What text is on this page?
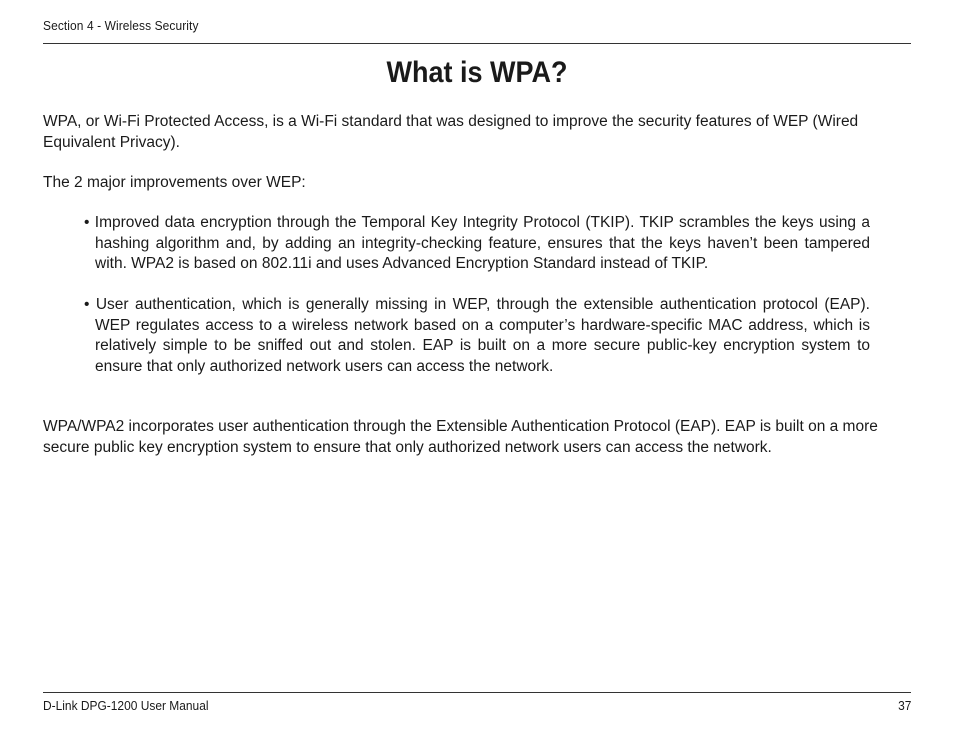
Section 4 - Wireless Security
What is WPA?

WPA, or Wi-Fi Protected Access, is a Wi-Fi standard that was designed to improve the security features of WEP (Wired Equivalent Privacy).

The 2 major improvements over WEP:

• Improved data encryption through the Temporal Key Integrity Protocol (TKIP). TKIP scrambles the keys using a hashing algorithm and, by adding an integrity-checking feature, ensures that the keys haven’t been tampered with. WPA2 is based on 802.11i and uses Advanced Encryption Standard instead of TKIP.

• User authentication, which is generally missing in WEP, through the extensible authentication protocol (EAP). WEP regulates access to a wireless network based on a computer’s hardware-specific MAC address, which is relatively simple to be sniffed out and stolen. EAP is built on a more secure public-key encryption system to ensure that only authorized network users can access the network.

WPA/WPA2 incorporates user authentication through the Extensible Authentication Protocol (EAP). EAP is built on a more secure public key encryption system to ensure that only authorized network users can access the network.

D-Link DPG-1200 User Manual	37
